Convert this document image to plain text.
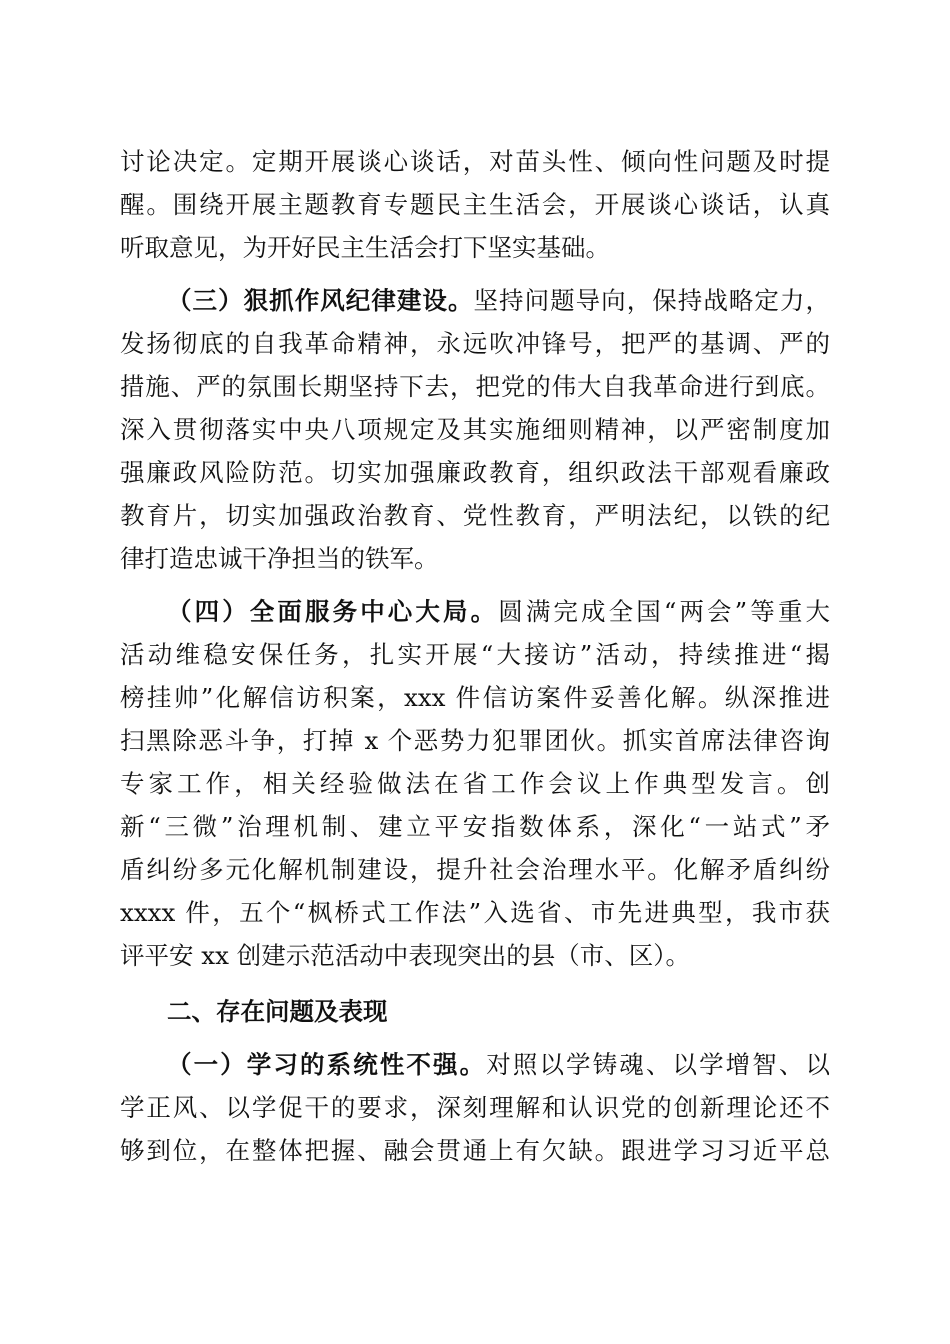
讨论决定。定期开展谈心谈话，对苗头性、倾向性问题及时提

醒。围绕开展主题教育专题民主生活会，开展谈心谈话，认真

听取意见，为开好民主生活会打下坚实基础。

（三）狠抓作风纪律建设。坚持问题导向，保持战略定力，

发扬彻底的自我革命精神，永远吹冲锋号，把严的基调、严的

措施、严的氛围长期坚持下去，把党的伟大自我革命进行到底。

深入贯彻落实中央八项规定及其实施细则精神，以严密制度加

强廉政风险防范。切实加强廉政教育，组织政法干部观看廉政

教育片，切实加强政治教育、党性教育，严明法纪，以铁的纪

律打造忠诚干净担当的铁军。

（四）全面服务中心大局。圆满完成全国“两会”等重大

活动维稳安保任务，扎实开展“大接访”活动，持续推进“揭

榜挂帅”化解信访积案，xxx 件信访案件妥善化解。纵深推进

扫黑除恶斗争，打掉 x 个恶势力犯罪团伙。抓实首席法律咨询

专家工作，相关经验做法在省工作会议上作典型发言。创

新“三微”治理机制、建立平安指数体系，深化“一站式”矛

盾纠纷多元化解机制建设，提升社会治理水平。化解矛盾纠纷

xxxx 件，五个“枫桥式工作法”入选省、市先进典型，我市获

评平安 xx 创建示范活动中表现突出的县（市、区）。

二、存在问题及表现

（一）学习的系统性不强。对照以学铸魂、以学增智、以

学正风、以学促干的要求，深刻理解和认识党的创新理论还不

够到位，在整体把握、融会贯通上有欠缺。跟进学习习近平总
